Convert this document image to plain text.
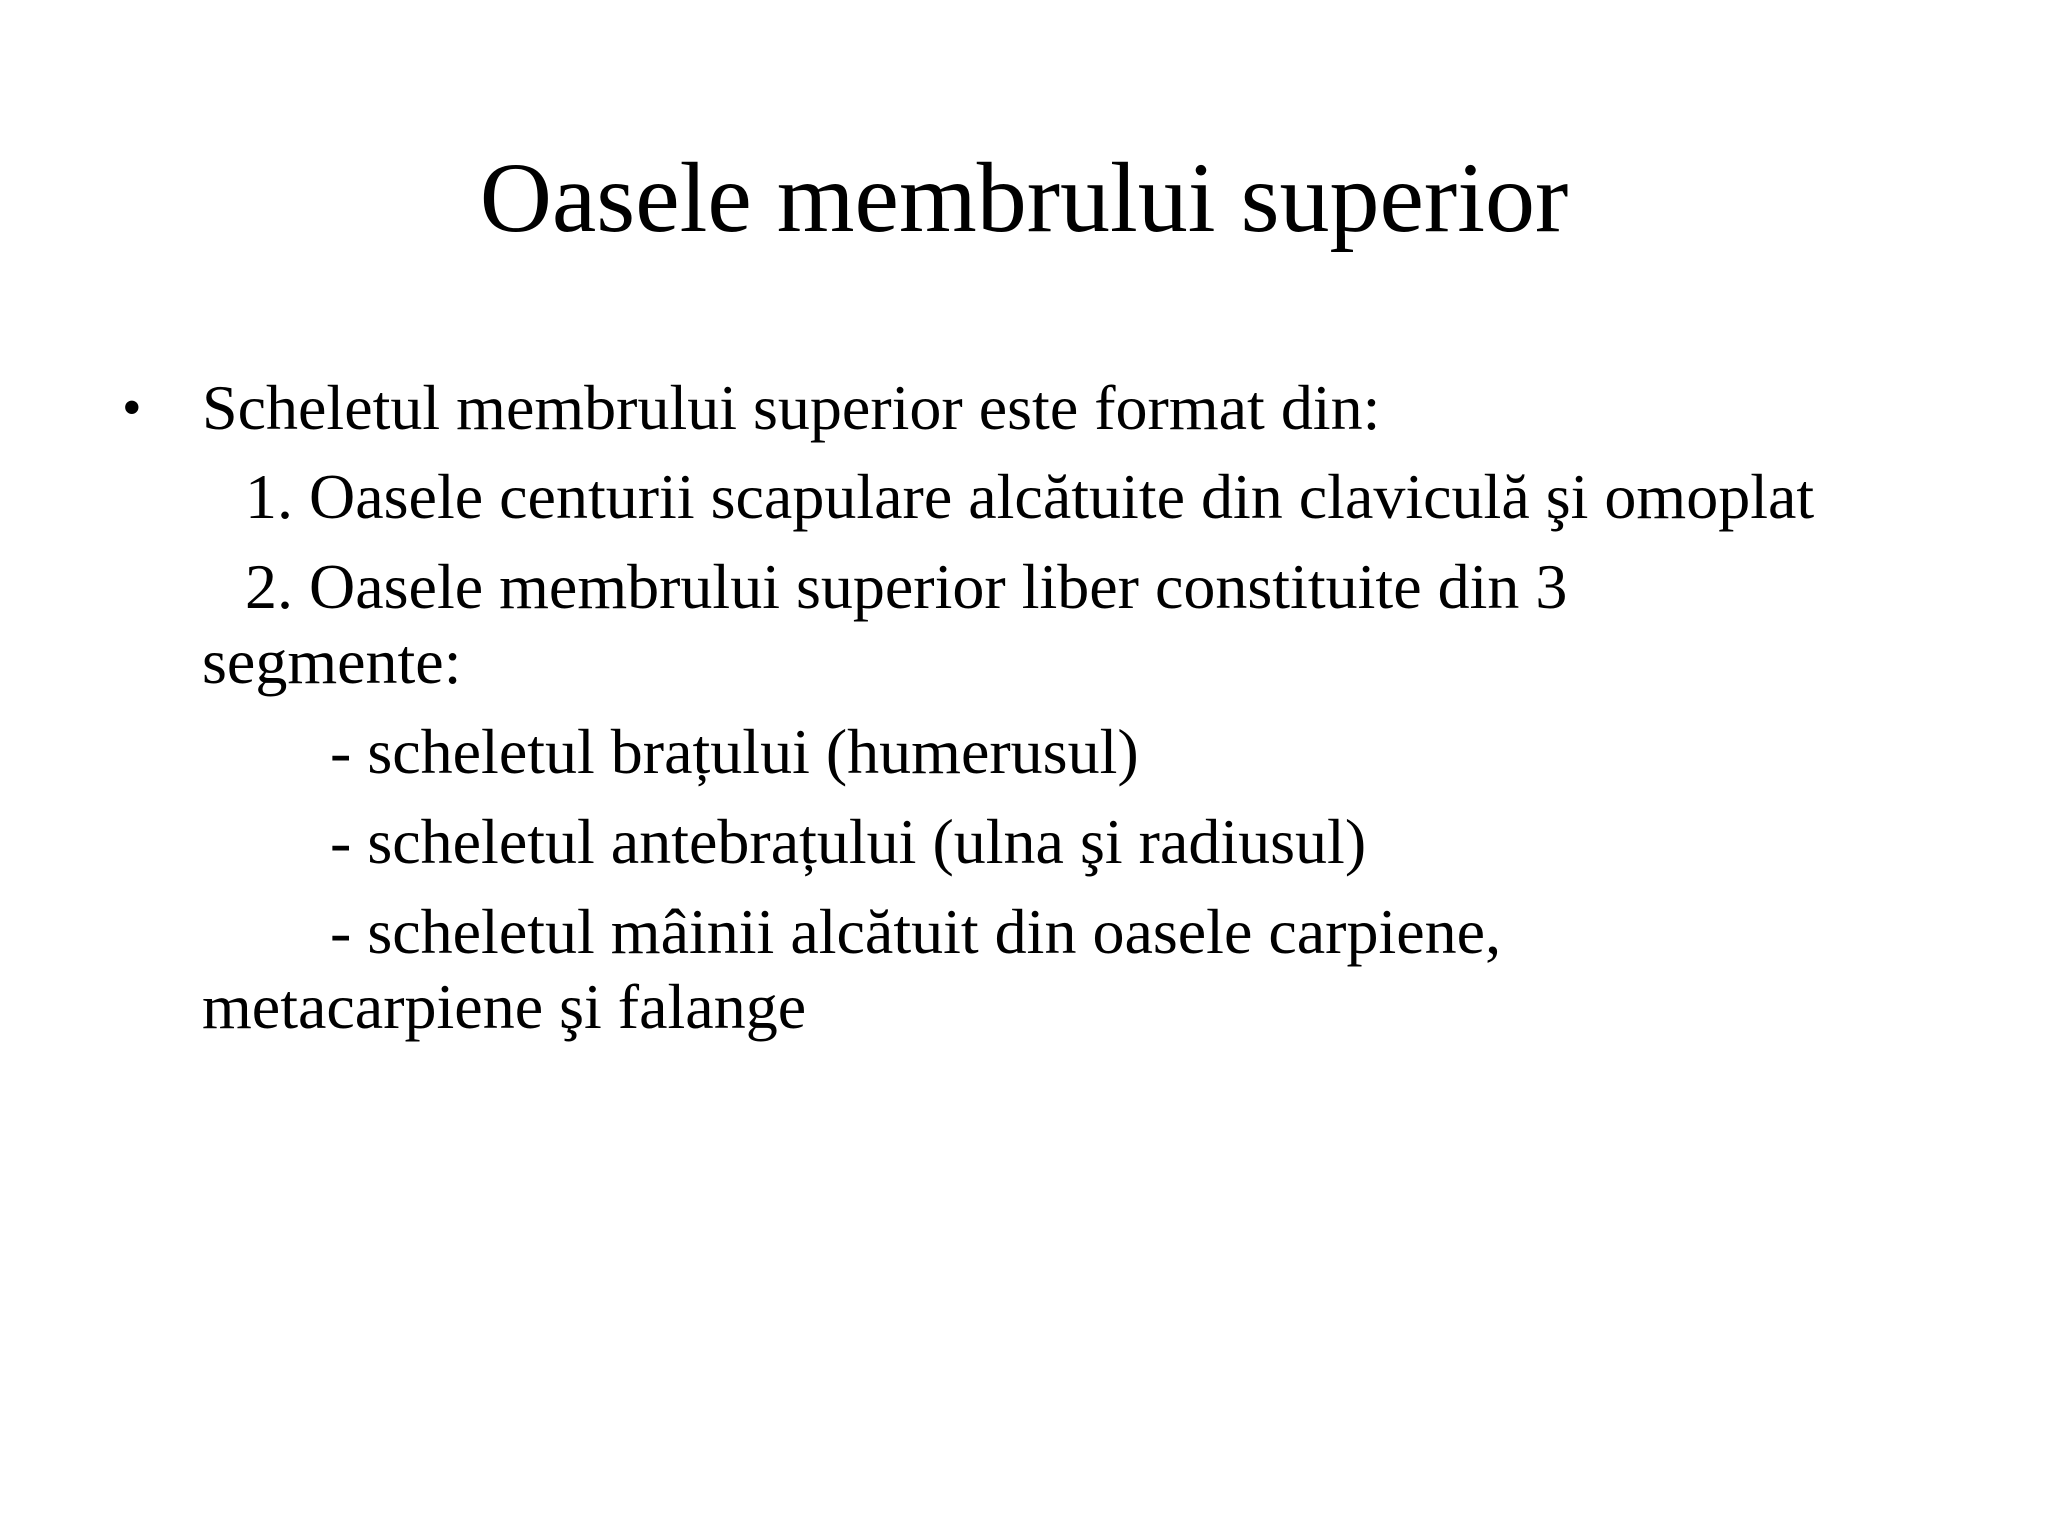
Oasele membrului superior
• Scheletul membrului superior este format din:
1. Oasele centurii scapulare alcătuite din claviculă şi omoplat
2. Oasele membrului superior liber constituite din 3
segmente:
- scheletul brațului (humerusul)
- scheletul antebrațului (ulna şi radiusul)
- scheletul mâinii alcătuit din oasele carpiene,
metacarpiene şi falange
